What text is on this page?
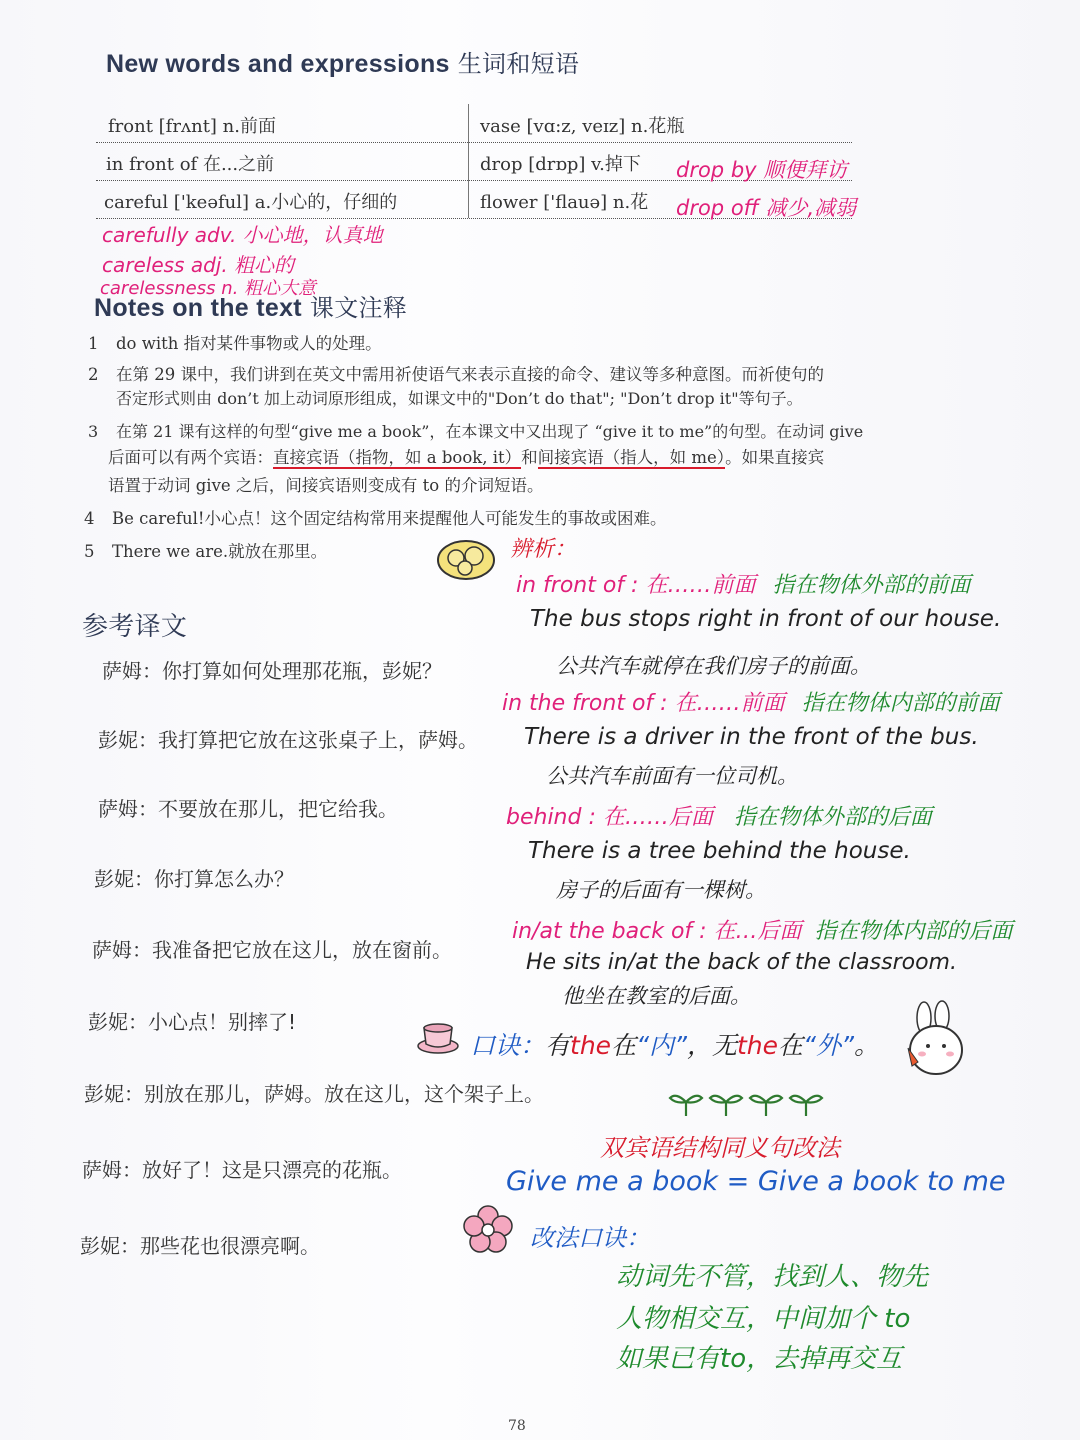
New words and expressions 生词和短语
front [frʌnt] n.前面	vase [vɑ:z, veɪz] n.花瓶
in front of 在...之前	drop [drɒp] v.掉下
careful ['keəful] a.小心的，仔细的	flower ['flauə] n.花
drop by 顺便拜访
drop off 减少,减弱
carefully adv. 小心地，认真地
careless adj. 粗心的
carelessness n. 粗心大意
Notes on the text 课文注释
1 do with 指对某件事物或人的处理。
2 在第 29 课中，我们讲到在英文中需用祈使语气来表示直接的命令、建议等多种意图。而祈使句的
否定形式则由 don’t 加上动词原形组成，如课文中的"Don’t do that"; "Don’t drop it"等句子。
3 在第 21 课有这样的句型“give me a book”，在本课文中又出现了 “give it to me”的句型。在动词 give
后面可以有两个宾语：直接宾语（指物，如 a book, it）和间接宾语（指人，如 me）。如果直接宾
语置于动词 give 之后，间接宾语则变成有 to 的介词短语。
4 Be careful!小心点！这个固定结构常用来提醒他人可能发生的事故或困难。
5 There we are.就放在那里。
参考译文
萨姆：你打算如何处理那花瓶，彭妮？
彭妮：我打算把它放在这张桌子上，萨姆。
萨姆：不要放在那儿，把它给我。
彭妮：你打算怎么办？
萨姆：我准备把它放在这儿，放在窗前。
彭妮：小心点！别摔了!
彭妮：别放在那儿，萨姆。放在这儿，这个架子上。
萨姆：放好了！这是只漂亮的花瓶。
彭妮：那些花也很漂亮啊。
辨析：
in front of : 在……前面 指在物体外部的前面
The bus stops right in front of our house.
公共汽车就停在我们房子的前面。
in the front of : 在……前面 指在物体内部的前面
There is a driver in the front of the bus.
公共汽车前面有一位司机。
behind : 在……后面 指在物体外部的后面
There is a tree behind the house.
房子的后面有一棵树。
in/at the back of : 在…后面 指在物体内部的后面
He sits in/at the back of the classroom.
他坐在教室的后面。
口诀：有the在“内”，无the在“外”。
双宾语结构同义句改法
Give me a book = Give a book to me
改法口诀：
动词先不管，找到人、物先
人物相交互，中间加个 to
如果已有to，去掉再交互
78
